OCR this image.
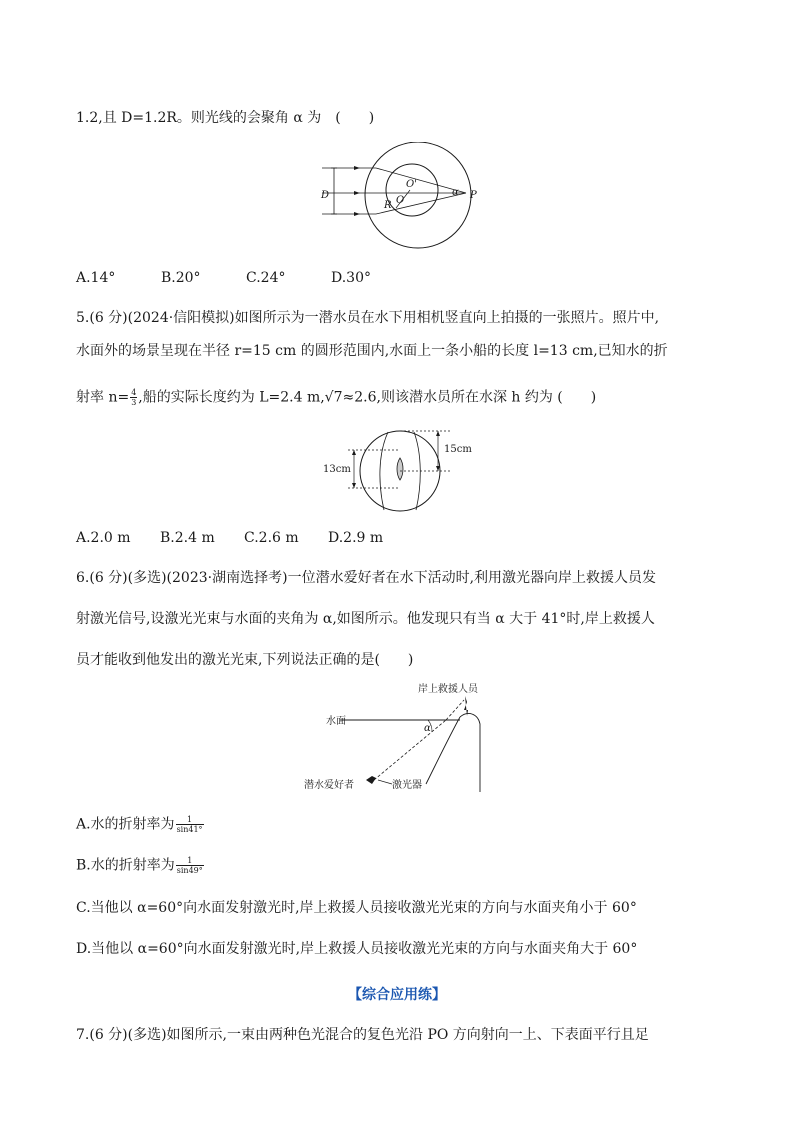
1.2,且 D=1.2R。则光线的会聚角 α 为　(　　)
D
R O
O'
α P
A.14°	B.20°	C.24°	D.30°
5.(6 分)(2024·信阳模拟)如图所示为一潜水员在水下用相机竖直向上拍摄的一张照片。照片中,
水面外的场景呈现在半径 r=15 cm 的圆形范围内,水面上一条小船的长度 l=13 cm,已知水的折
射率 $n= \frac{4}{3}$ ,船的实际长度约为 L=2.4 m,√7≈2.6,则该潜水员所在水深 h 约为 (　　)
15cm
13cm
A.2.0 m B.2.4 m C.2.6 m D.2.9 m
6.(6 分)(多选)(2023·湖南选择考)一位潜水爱好者在水下活动时,利用激光器向岸上救援人员发
射激光信号,设激光光束与水面的夹角为 α,如图所示。他发现只有当 α 大于 41°时,岸上救援人
员才能收到他发出的激光光束,下列说法正确的是(　　)
岸上救援人员
水面
α
潜水爱好者	激光器
A.水的折射率为 $\frac{1}{\sin 41^\circ}$
B.水的折射率为 $\frac{1}{\sin 49^\circ}$
C.当他以 α=60°向水面发射激光时,岸上救援人员接收激光光束的方向与水面夹角小于 60°
D.当他以 α=60°向水面发射激光时,岸上救援人员接收激光光束的方向与水面夹角大于 60°
【综合应用练】
7.(6 分)(多选)如图所示,一束由两种色光混合的复色光沿 PO 方向射向一上、下表面平行且足
